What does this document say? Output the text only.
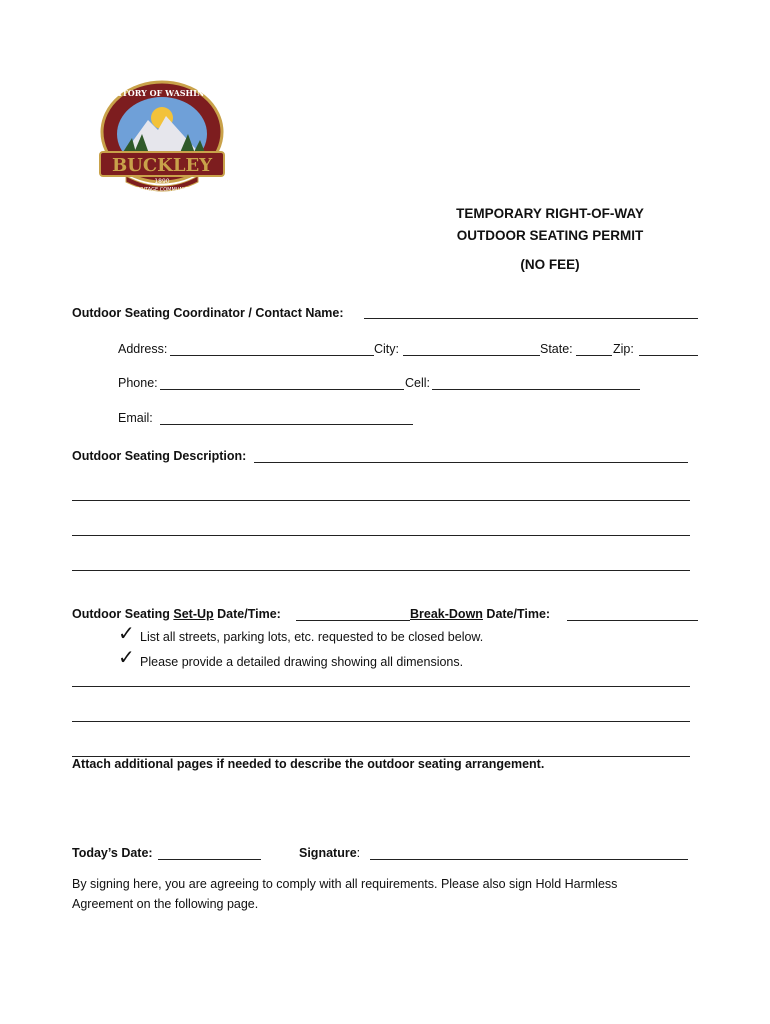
BUCKLEY
TERRITORY OF WASHINGTON
1890
HERITAGE COMMUNITY
TEMPORARY RIGHT-OF-WAY
OUTDOOR SEATING PERMIT
(NO FEE)
Outdoor Seating Coordinator / Contact Name:
Address:	City:	State:	Zip:
Phone:	Cell:
Email:
Outdoor Seating Description:
Outdoor Seating Set-Up Date/Time:	Break-Down Date/Time:
✓ List all streets, parking lots, etc. requested to be closed below.
✓ Please provide a detailed drawing showing all dimensions.
Attach additional pages if needed to describe the outdoor seating arrangement.
Today’s Date:	Signature:
By signing here, you are agreeing to comply with all requirements. Please also sign Hold Harmless
Agreement on the following page.
